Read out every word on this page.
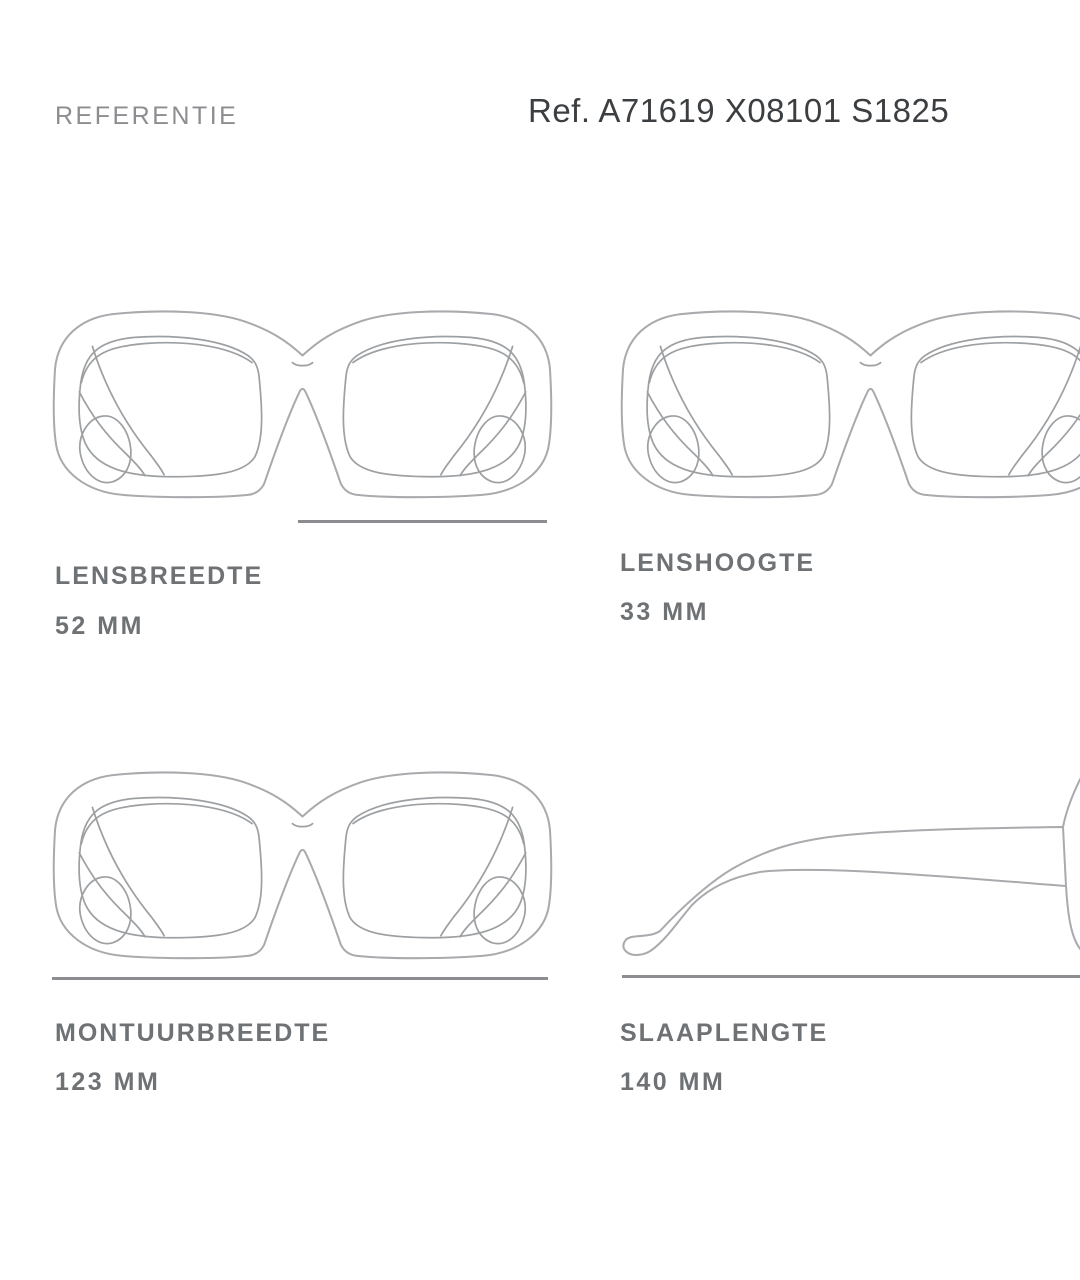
REFERENTIE	Ref. A71619 X08101 S1825
LENSBREEDTE
52 MM
LENSHOOGTE
33 MM
MONTUURBREEDTE
123 MM
SLAAPLENGTE
140 MM
